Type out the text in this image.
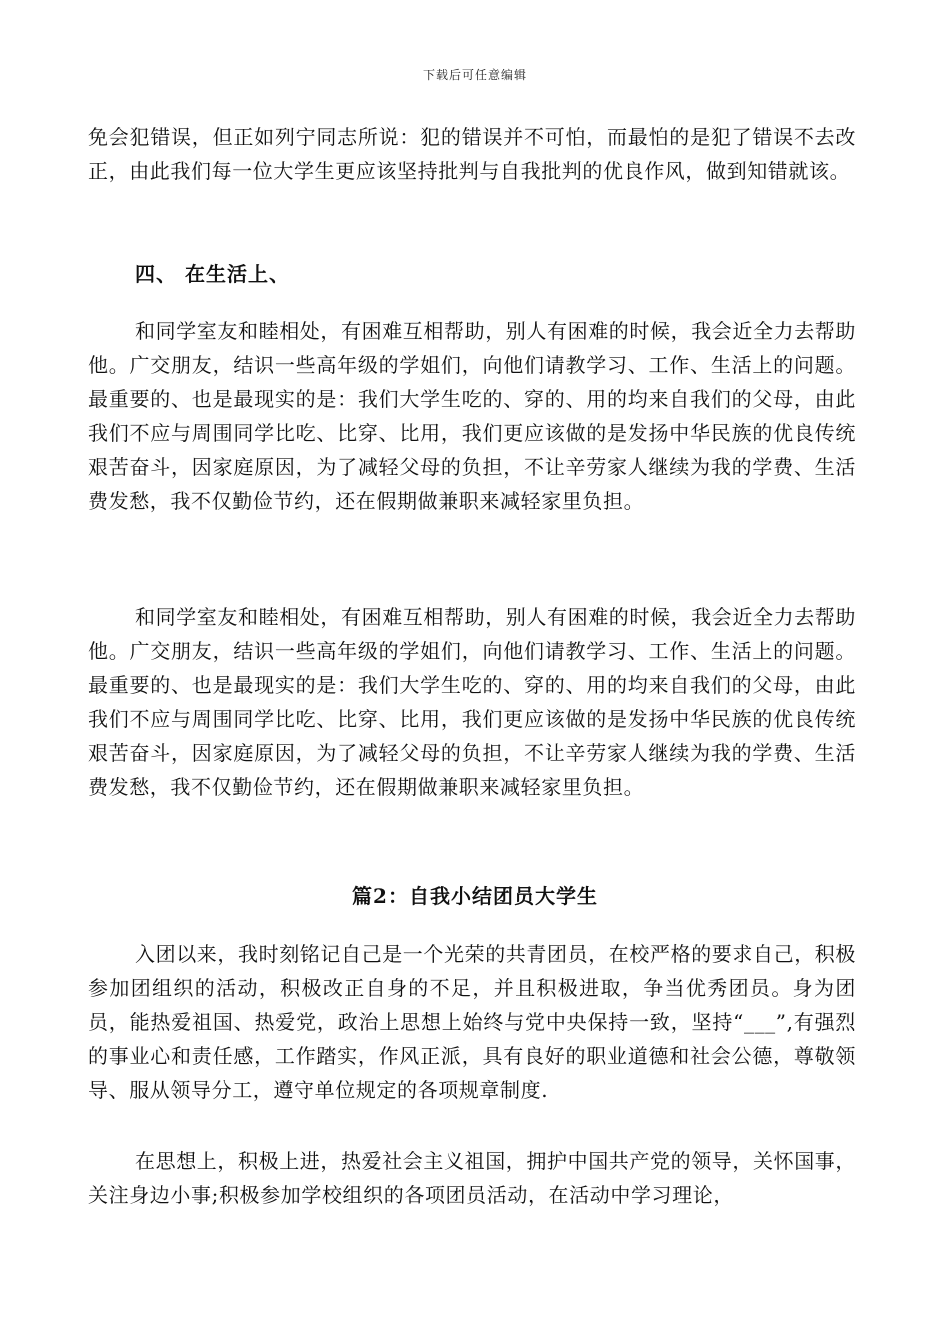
下载后可任意编辑

免会犯错误，但正如列宁同志所说：犯的错误并不可怕，而最怕的是犯了错误不去改正，由此我们每一位大学生更应该坚持批判与自我批判的优良作风，做到知错就该。

四、 在生活上、

和同学室友和睦相处，有困难互相帮助，别人有困难的时候，我会近全力去帮助他。广交朋友，结识一些高年级的学姐们，向他们请教学习、工作、生活上的问题。最重要的、也是最现实的是：我们大学生吃的、穿的、用的均来自我们的父母，由此我们不应与周围同学比吃、比穿、比用，我们更应该做的是发扬中华民族的优良传统艰苦奋斗，因家庭原因，为了减轻父母的负担，不让辛劳家人继续为我的学费、生活费发愁，我不仅勤俭节约，还在假期做兼职来减轻家里负担。

和同学室友和睦相处，有困难互相帮助，别人有困难的时候，我会近全力去帮助他。广交朋友，结识一些高年级的学姐们，向他们请教学习、工作、生活上的问题。最重要的、也是最现实的是：我们大学生吃的、穿的、用的均来自我们的父母，由此我们不应与周围同学比吃、比穿、比用，我们更应该做的是发扬中华民族的优良传统艰苦奋斗，因家庭原因，为了减轻父母的负担，不让辛劳家人继续为我的学费、生活费发愁，我不仅勤俭节约，还在假期做兼职来减轻家里负担。

篇2：自我小结团员大学生

入团以来，我时刻铭记自己是一个光荣的共青团员，在校严格的要求自己，积极参加团组织的活动，积极改正自身的不足，并且积极进取，争当优秀团员。身为团员，能热爱祖国、热爱党，政治上思想上始终与党中央保持一致，坚持“___”,有强烈的事业心和责任感，工作踏实，作风正派，具有良好的职业道德和社会公德，尊敬领导、服从领导分工，遵守单位规定的各项规章制度.

在思想上，积极上进，热爱社会主义祖国，拥护中国共产党的领导，关怀国事，关注身边小事;积极参加学校组织的各项团员活动，在活动中学习理论，
